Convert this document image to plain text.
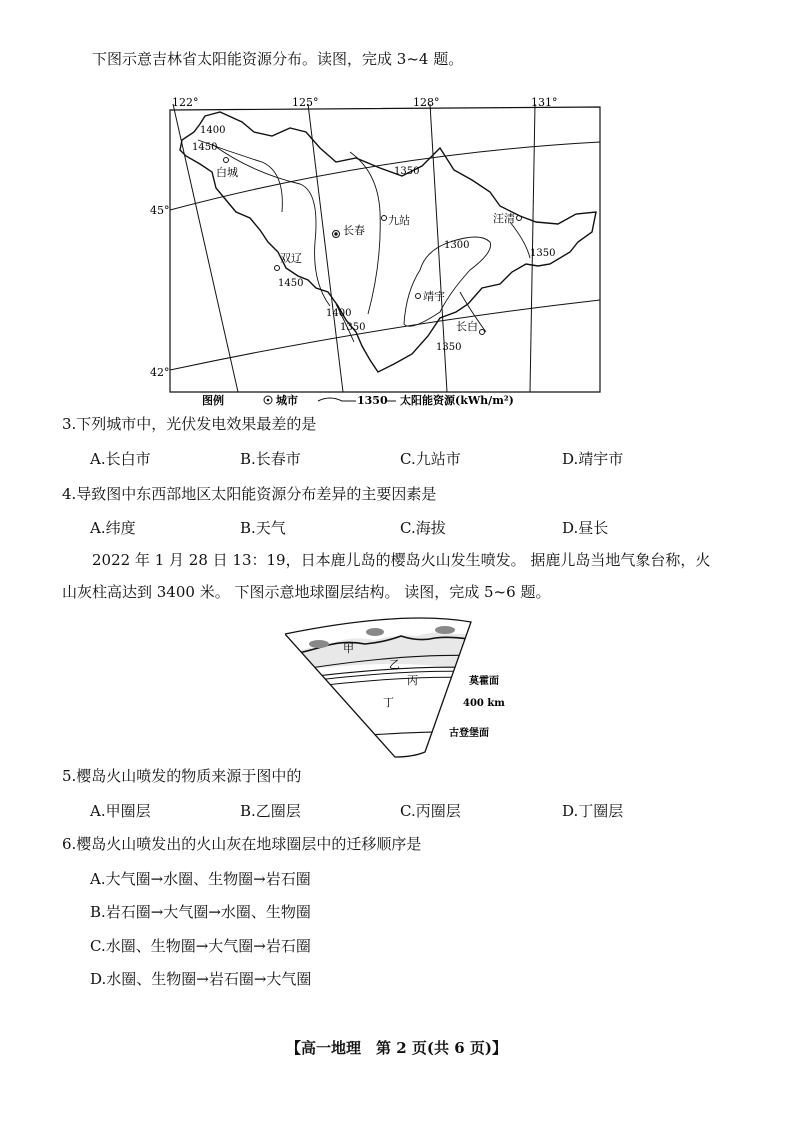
下图示意吉林省太阳能资源分布。读图，完成 3~4 题。
122°	125°	128°	131°
45°
42°
1400
1450
1350
1300
1350
1450
1400
1350
1350
白城
长春
九站	汪清
双辽
靖宇
长白
图例	城市	1350 太阳能资源(kWh/m²)
3.下列城市中，光伏发电效果最差的是
A.长白市	B.长春市	C.九站市	D.靖宇市
4.导致图中东西部地区太阳能资源分布差异的主要因素是
A.纬度	B.天气	C.海拔	D.昼长
2022 年 1 月 28 日 13：19，日本鹿儿岛的樱岛火山发生喷发。 据鹿儿岛当地气象台称，火
山灰柱高达到 3400 米。 下图示意地球圈层结构。 读图，完成 5~6 题。
甲
乙
丙
丁
莫霍面
400 km
古登堡面
5.樱岛火山喷发的物质来源于图中的
A.甲圈层	B.乙圈层	C.丙圈层	D.丁圈层
6.樱岛火山喷发出的火山灰在地球圈层中的迁移顺序是
A.大气圈→水圈、生物圈→岩石圈
B.岩石圈→大气圈→水圈、生物圈
C.水圈、生物圈→大气圈→岩石圈
D.水圈、生物圈→岩石圈→大气圈
【高一地理　第 2 页(共 6 页)】
